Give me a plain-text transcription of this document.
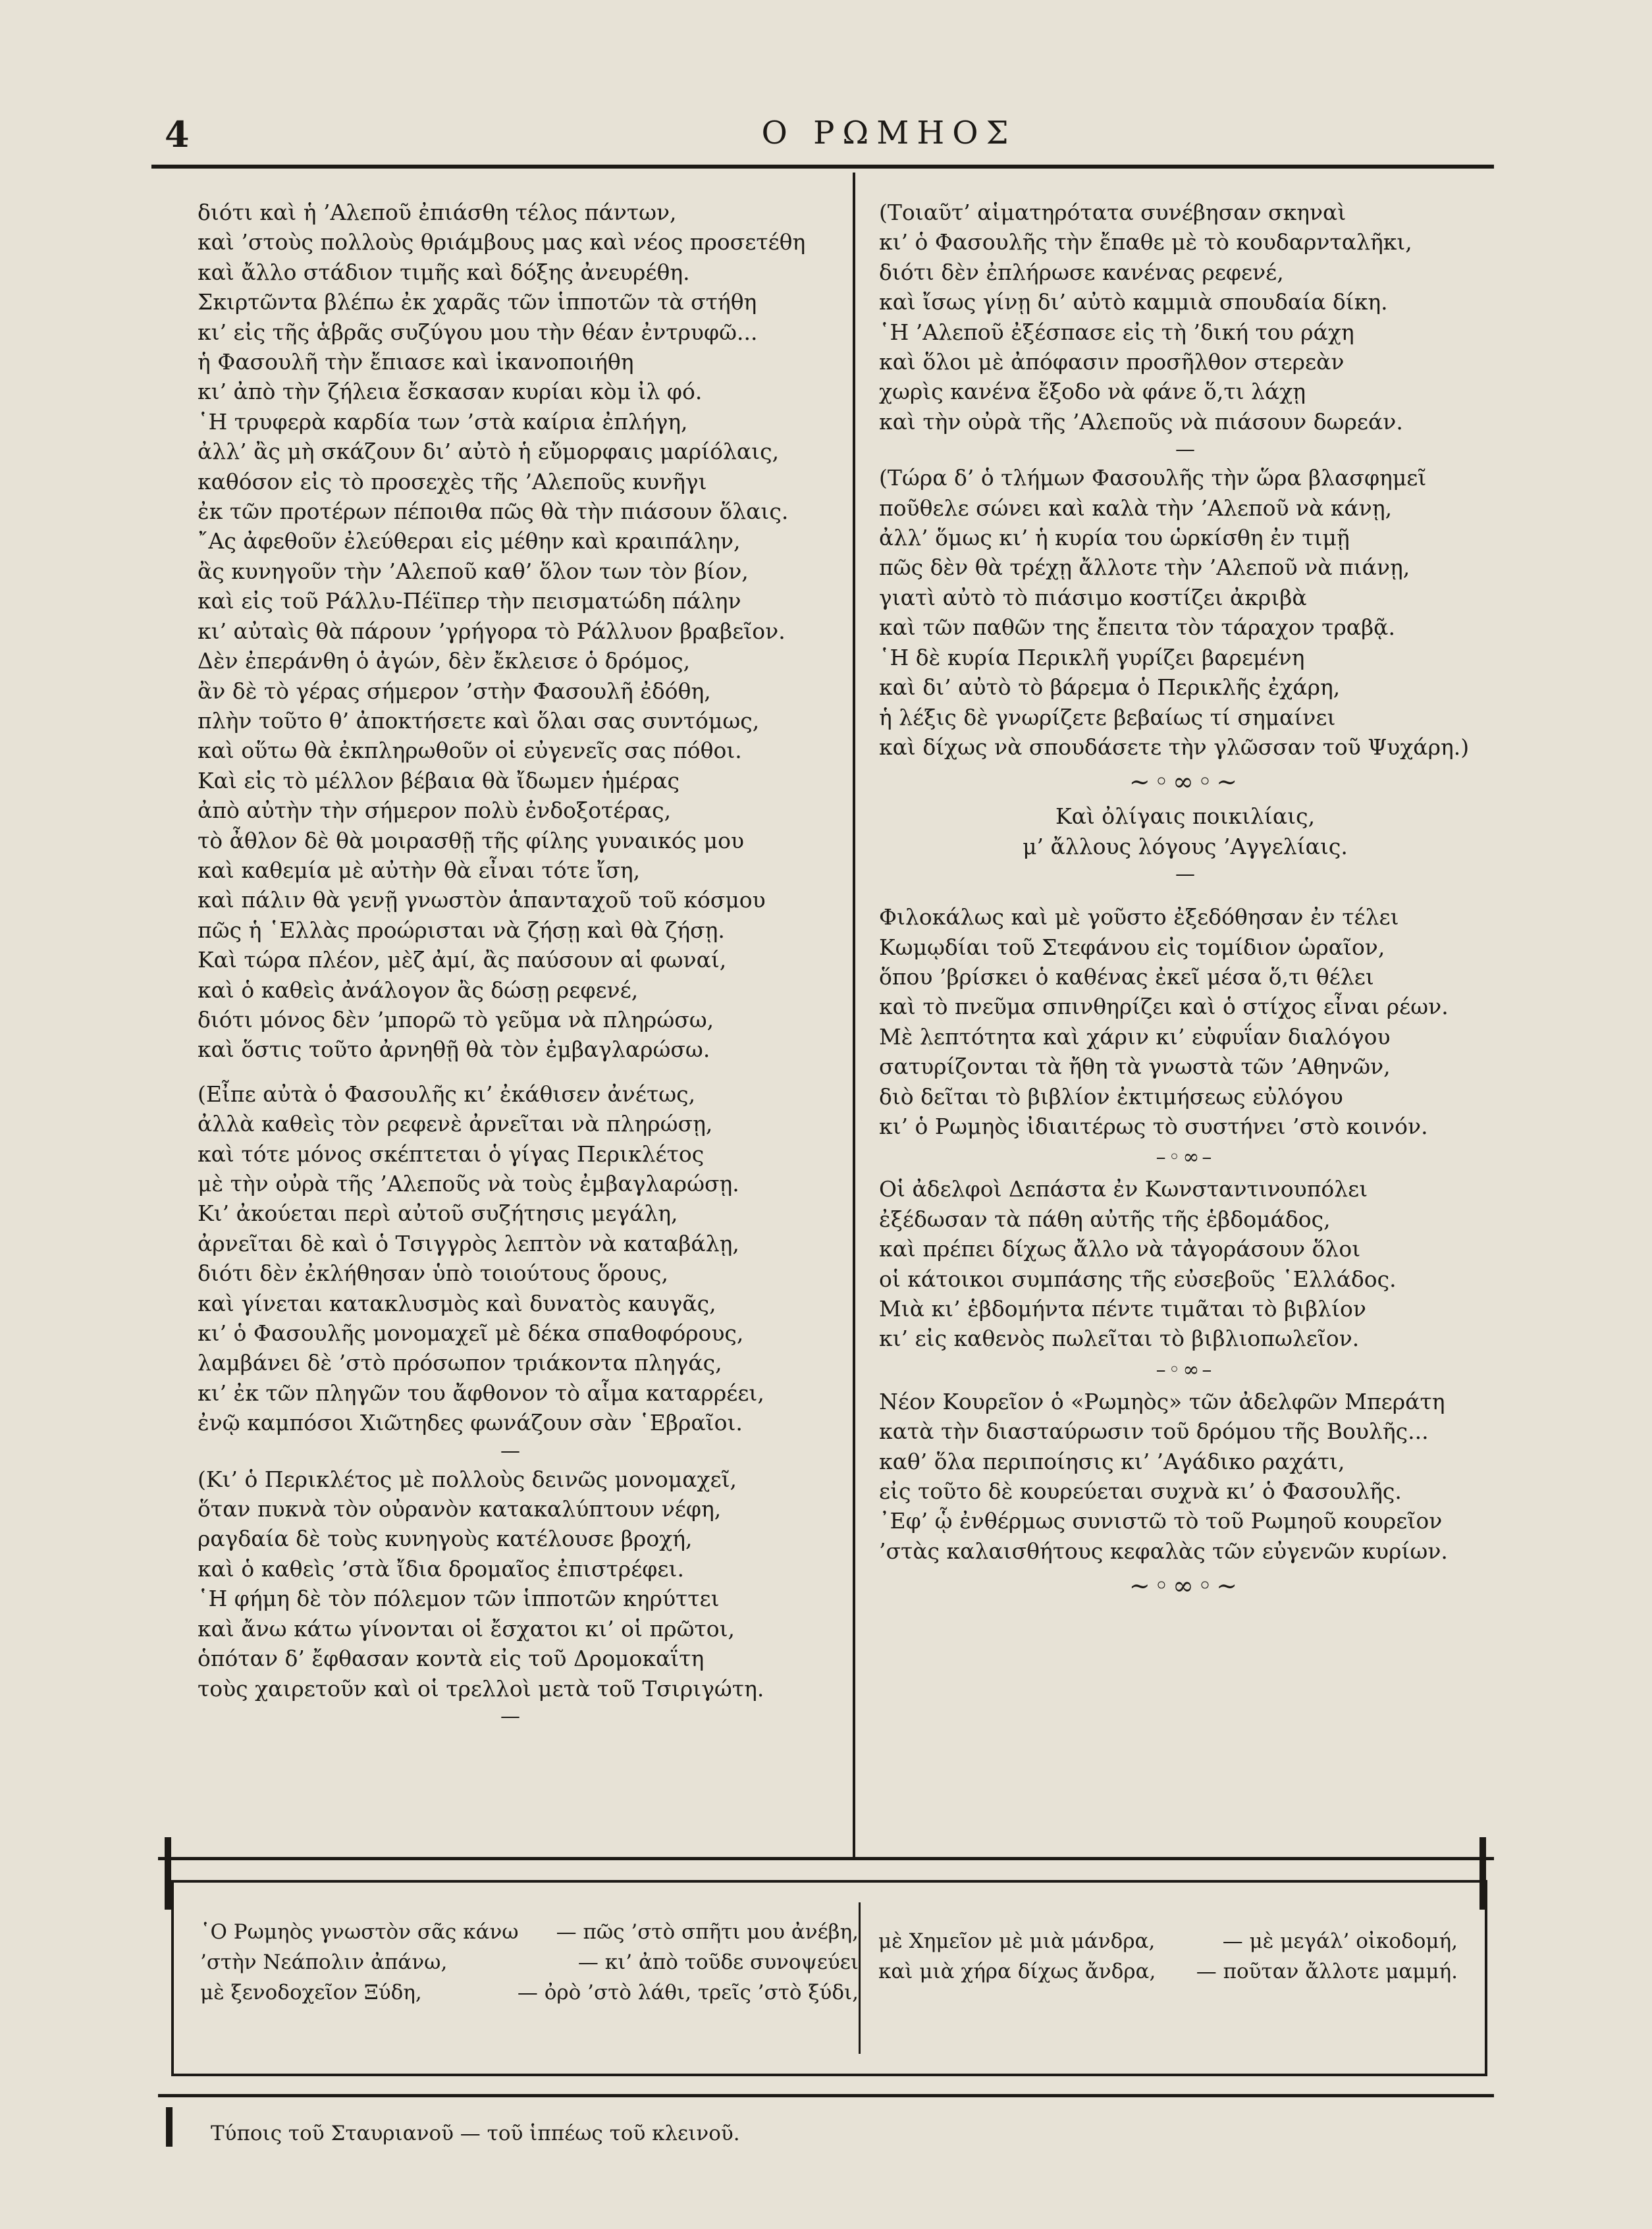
4	Ο ΡΩΜΗΟΣ
διότι καὶ ἡ ’Αλεπoῦ ἐπιάσθη τέλος πάντων,
καὶ ’στοὺς πολλοὺς θριάμβους μας καὶ νέος προσετέθη
καὶ ἄλλο στάδιον τιμῆς καὶ δόξης ἀνευρέθη.
Σκιρτῶντα βλέπω ἐκ χαρᾶς τῶν ἱπποτῶν τὰ στήθη
κι’ εἰς τῆς ἁβρᾶς συζύγου μου τὴν θέαν ἐντρυφῶ...
ἡ Φασουλῆ τὴν ἔπιασε καὶ ἱκανοποιήθη
κι’ ἀπὸ τὴν ζήλεια ἔσκασαν κυρίαι κὸμ ἰλ φό.
῾Η τρυφερὰ καρδία των ’στὰ καίρια ἐπλήγη,
ἀλλ’ ἂς μὴ σκάζουν δι’ αὐτὸ ἡ εὔμορφαις μαρίόλαις,
καθόσον εἰς τὸ προσεχὲς τῆς ’Αλεπoῦς κυνῆγι
ἐκ τῶν προτέρων πέποιθα πῶς θὰ τὴν πιάσουν ὅλαις.
῎Ας ἀφεθοῦν ἐλεύθεραι εἰς μέθην καὶ κραιπάλην,
ἂς κυνηγοῦν τὴν ’Αλεπoῦ καθ’ ὅλον των τὸν βίον,
καὶ εἰς τοῦ Ράλλυ-Πέϊπερ τὴν πεισματώδη πάλην
κι’ αὐταὶς θὰ πάρουν ’γρήγορα τὸ Ράλλυον βραβεῖον.
Δὲν ἐπεράνθη ὁ ἀγών, δὲν ἔκλεισε ὁ δρόμος,
ἂν δὲ τὸ γέρας σήμερον ’στὴν Φασουλῆ ἐδόθη,
πλὴν τοῦτο θ’ ἀποκτήσετε καὶ ὅλαι σας συντόμως,
καὶ οὕτω θὰ ἐκπληρωθοῦν οἱ εὐγενεῖς σας πόθοι.
Καὶ εἰς τὸ μέλλον βέβαια θὰ ἴδωμεν ἡμέρας
ἀπὸ αὐτὴν τὴν σήμερον πολὺ ἐνδοξοτέρας,
τὸ ἆθλον δὲ θὰ μοιρασθῇ τῆς φίλης γυναικός μου
καὶ καθεμία μὲ αὐτὴν θὰ εἶναι τότε ἴση,
καὶ πάλιν θὰ γενῇ γνωστὸν ἁπανταχοῦ τοῦ κόσμου
πῶς ἡ ῾Ελλὰς προώρισται νὰ ζήσῃ καὶ θὰ ζήσῃ.
Καὶ τώρα πλέον, μὲζ ἀμί, ἂς παύσουν αἱ φωναί,
καὶ ὁ καθεὶς ἀνάλογον ἂς δώσῃ ρεφενέ,
διότι μόνος δὲν ’μπορῶ τὸ γεῦμα νὰ πληρώσω,
καὶ ὅστις τοῦτο ἀρνηθῇ θὰ τὸν ἐμβαγλαρώσω.
(Εἶπε αὐτὰ ὁ Φασουλῆς κι’ ἐκάθισεν ἀνέτως,
ἀλλὰ καθεὶς τὸν ρεφενὲ ἀρνεῖται νὰ πληρώσῃ,
καὶ τότε μόνος σκέπτεται ὁ γίγας Περικλέτος
μὲ τὴν οὐρὰ τῆς ’Αλεπoῦς νὰ τοὺς ἐμβαγλαρώσῃ.
Κι’ ἀκούεται περὶ αὐτοῦ συζήτησις μεγάλη,
ἀρνεῖται δὲ καὶ ὁ Τσιγγρὸς λεπτὸν νὰ καταβάλῃ,
διότι δὲν ἐκλήθησαν ὑπὸ τοιούτους ὅρους,
καὶ γίνεται κατακλυσμὸς καὶ δυνατὸς καυγᾶς,
κι’ ὁ Φασουλῆς μονομαχεῖ μὲ δέκα σπαθοφόρους,
λαμβάνει δὲ ’στὸ πρόσωπον τριάκοντα πληγάς,
κι’ ἐκ τῶν πληγῶν του ἄφθονον τὸ αἷμα καταρρέει,
ἐνῷ καμπόσοι Χιῶτηδες φωνάζουν σὰν ῾Εβραῖοι.
—
(Κι’ ὁ Περικλέτος μὲ πολλοὺς δεινῶς μονομαχεῖ,
ὅταν πυκνὰ τὸν οὐρανὸν κατακαλύπτουν νέφη,
ραγδαία δὲ τοὺς κυνηγοὺς κατέλουσε βροχή,
καὶ ὁ καθεὶς ’στὰ ἴδια δρομαῖος ἐπιστρέφει.
῾Η φήμη δὲ τὸν πόλεμον τῶν ἱπποτῶν κηρύττει
καὶ ἄνω κάτω γίνονται οἱ ἔσχατοι κι’ οἱ πρῶτοι,
ὁπόταν δ’ ἔφθασαν κοντὰ εἰς τοῦ Δρομοκαΐτη
τοὺς χαιρετοῦν καὶ οἱ τρελλοὶ μετὰ τοῦ Τσιριγώτη.
—
(Τοιαῦτ’ αἱματηρότατα συνέβησαν σκηναὶ
κι’ ὁ Φασουλῆς τὴν ἔπαθε μὲ τὸ κουδαρνταλῆκι,
διότι δὲν ἐπλήρωσε κανένας ρεφενέ,
καὶ ἴσως γίνῃ δι’ αὐτὸ καμμιὰ σπουδαία δίκη.
῾Η ’Αλεπoῦ ἐξέσπασε εἰς τὴ ’δική του ράχη
καὶ ὅλοι μὲ ἀπόφασιν προσῆλθον στερεὰν
χωρὶς κανένα ἔξοδο νὰ φάνε ὅ,τι λάχῃ
καὶ τὴν οὐρὰ τῆς ’Αλεπoῦς νὰ πιάσουν δωρεάν.
—
(Τώρα δ’ ὁ τλήμων Φασουλῆς τὴν ὥρα βλασφημεῖ
ποῦθελε σώνει καὶ καλὰ τὴν ’Αλεπoῦ νὰ κάνῃ,
ἀλλ’ ὅμως κι’ ἡ κυρία του ὡρκίσθη ἐν τιμῇ
πῶς δὲν θὰ τρέχῃ ἄλλοτε τὴν ’Αλεπoῦ νὰ πιάνῃ,
γιατὶ αὐτὸ τὸ πιάσιμο κοστίζει ἀκριβὰ
καὶ τῶν παθῶν της ἔπειτα τὸν τάραχον τραβᾷ.
῾Η δὲ κυρία Περικλῆ γυρίζει βαρεμένη
καὶ δι’ αὐτὸ τὸ βάρεμα ὁ Περικλῆς ἐχάρη,
ἡ λέξις δὲ γνωρίζετε βεβαίως τί σημαίνει
καὶ δίχως νὰ σπουδάσετε τὴν γλῶσσαν τοῦ Ψυχάρη.)
~◦∞◦~
Καὶ ὀλίγαις ποικιλίαις,
μ’ ἄλλους λόγους ’Αγγελίαις.
—
Φιλοκάλως καὶ μὲ γοῦστο ἐξεδόθησαν ἐν τέλει
Κωμῳδίαι τοῦ Στεφάνου εἰς τομίδιον ὡραῖον,
ὅπου ’βρίσκει ὁ καθένας ἐκεῖ μέσα ὅ,τι θέλει
καὶ τὸ πνεῦμα σπινθηρίζει καὶ ὁ στίχος εἶναι ρέων.
Μὲ λεπτότητα καὶ χάριν κι’ εὐφυΐαν διαλόγου
σατυρίζονται τὰ ἤθη τὰ γνωστὰ τῶν ’Αθηνῶν,
διὸ δεῖται τὸ βιβλίον ἐκτιμήσεως εὐλόγου
κι’ ὁ Ρωμηὸς ἰδιαιτέρως τὸ συστήνει ’στὸ κοινόν.
–◦∞–
Οἱ ἀδελφοὶ Δεπάστα ἐν Κωνσταντινουπόλει
ἐξέδωσαν τὰ πάθη αὐτῆς τῆς ἑβδομάδος,
καὶ πρέπει δίχως ἄλλο νὰ τἀγοράσουν ὅλοι
οἱ κάτοικοι συμπάσης τῆς εὐσεβοῦς ῾Ελλάδος.
Μιὰ κι’ ἑβδομήντα πέντε τιμᾶται τὸ βιβλίον
κι’ εἰς καθενὸς πωλεῖται τὸ βιβλιοπωλεῖον.
–◦∞–
Νέον Κουρεῖον ὁ «Ρωμηὸς» τῶν ἀδελφῶν Μπεράτη
κατὰ τὴν διασταύρωσιν τοῦ δρόμου τῆς Βουλῆς...
καθ’ ὅλα περιποίησις κι’ ’Αγάδικο ραχάτι,
εἰς τοῦτο δὲ κουρεύεται συχνὰ κι’ ὁ Φασουλῆς.
᾿Εφ’ ᾧ ἐνθέρμως συνιστῶ τὸ τοῦ Ρωμηοῦ κουρεῖον
’στὰς καλαισθήτους κεφαλὰς τῶν εὐγενῶν κυρίων.
~◦∞◦~
῾Ο Ρωμηὸς γνωστὸν σᾶς κάνω — πῶς ’στὸ σπῆτι μου ἀνέβη,
’στὴν Νεάπολιν ἀπάνω,	— κι’ ἀπὸ τοῦδε συνοψεύει
μὲ ξενοδοχεῖον Ξύδη,	— ὀρὸ ’στὸ λάθι, τρεῖς ’στὸ ξύδι,
μὲ Χημεῖον μὲ μιὰ μάνδρα,	— μὲ μεγάλ’ οἰκοδομή,
καὶ μιὰ χήρα δίχως ἄνδρα, — ποῦταν ἄλλοτε μαμμή.
Τύποις τοῦ Σταυριανοῦ — τοῦ ἱππέως τοῦ κλεινοῦ.
